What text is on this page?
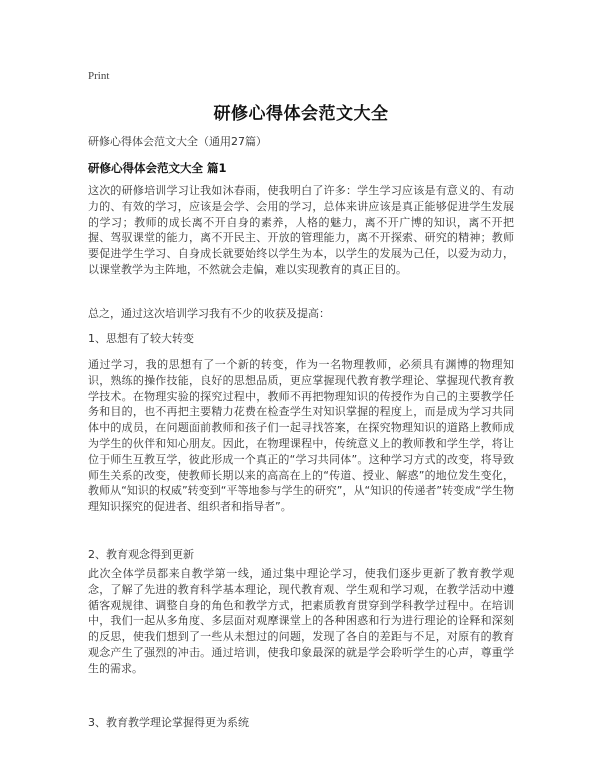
Print

研修心得体会范文大全

研修心得体会范文大全（通用27篇）

研修心得体会范文大全 篇1

这次的研修培训学习让我如沐春雨，使我明白了许多：学生学习应该是有意义的、有动力的、有效的学习，应该是会学、会用的学习，总体来讲应该是真正能够促进学生发展的学习；教师的成长离不开自身的素养，人格的魅力，离不开广博的知识，离不开把握、驾驭课堂的能力，离不开民主、开放的管理能力，离不开探索、研究的精神；教师要促进学生学习、自身成长就要始终以学生为本，以学生的发展为己任，以爱为动力，以课堂教学为主阵地，不然就会走偏，难以实现教育的真正目的。

总之，通过这次培训学习我有不少的收获及提高：

1、思想有了较大转变

通过学习，我的思想有了一个新的转变，作为一名物理教师，必须具有渊博的物理知识，熟练的操作技能，良好的思想品质，更应掌握现代教育教学理论、掌握现代教育教学技术。在物理实验的探究过程中，教师不再把物理知识的传授作为自己的主要教学任务和目的，也不再把主要精力花费在检查学生对知识掌握的程度上，而是成为学习共同体中的成员，在问题面前教师和孩子们一起寻找答案，在探究物理知识的道路上教师成为学生的伙伴和知心朋友。因此，在物理课程中，传统意义上的教师教和学生学，将让位于师生互教互学，彼此形成一个真正的“学习共同体”。这种学习方式的改变，将导致师生关系的改变，使教师长期以来的高高在上的“传道、授业、解惑”的地位发生变化，教师从“知识的权威”转变到“平等地参与学生的研究”，从“知识的传递者”转变成“学生物理知识探究的促进者、组织者和指导者”。

2、教育观念得到更新

此次全体学员都来自教学第一线，通过集中理论学习，使我们逐步更新了教育教学观念，了解了先进的教育科学基本理论，现代教育观、学生观和学习观，在教学活动中遵循客观规律、调整自身的角色和教学方式，把素质教育贯穿到学科教学过程中。在培训中，我们一起从多角度、多层面对观摩课堂上的各种困惑和行为进行理论的诠释和深刻的反思，使我们想到了一些从未想过的问题，发现了各自的差距与不足，对原有的教育观念产生了强烈的冲击。通过培训，使我印象最深的就是学会聆听学生的心声，尊重学生的需求。

3、教育教学理论掌握得更为系统
